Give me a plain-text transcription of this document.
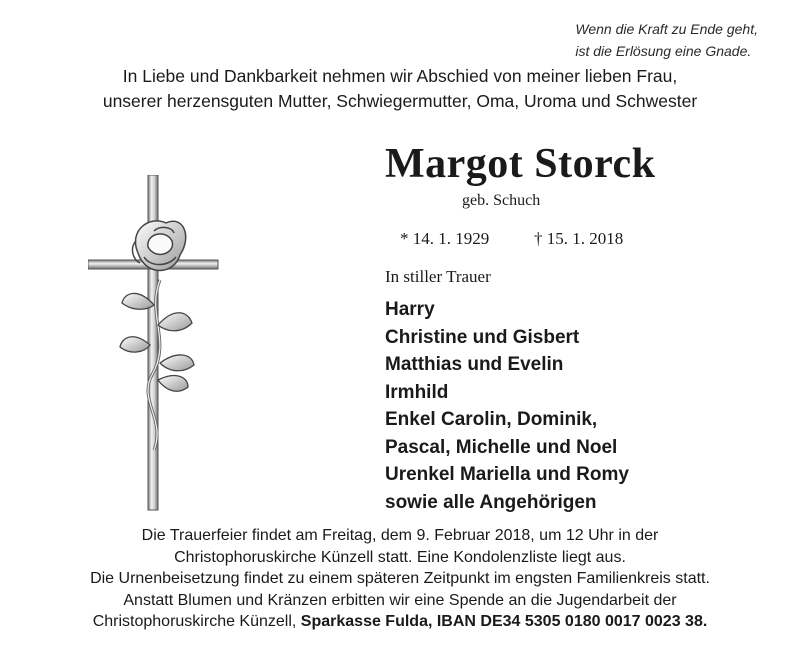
Wenn die Kraft zu Ende geht,
ist die Erlösung eine Gnade.
In Liebe und Dankbarkeit nehmen wir Abschied von meiner lieben Frau,
unserer herzensguten Mutter, Schwiegermutter, Oma, Uroma und Schwester
Margot Storck
geb. Schuch
* 14. 1. 1929	† 15. 1. 2018
In stiller Trauer
Harry
Christine und Gisbert
Matthias und Evelin
Irmhild
Enkel Carolin, Dominik,
Pascal, Michelle und Noel
Urenkel Mariella und Romy
sowie alle Angehörigen
Die Trauerfeier findet am Freitag, dem 9. Februar 2018, um 12 Uhr in der
Christophoruskirche Künzell statt. Eine Kondolenzliste liegt aus.
Die Urnenbeisetzung findet zu einem späteren Zeitpunkt im engsten Familienkreis statt.
Anstatt Blumen und Kränzen erbitten wir eine Spende an die Jugendarbeit der
Christophoruskirche Künzell, Sparkasse Fulda, IBAN DE34 5305 0180 0017 0023 38.
